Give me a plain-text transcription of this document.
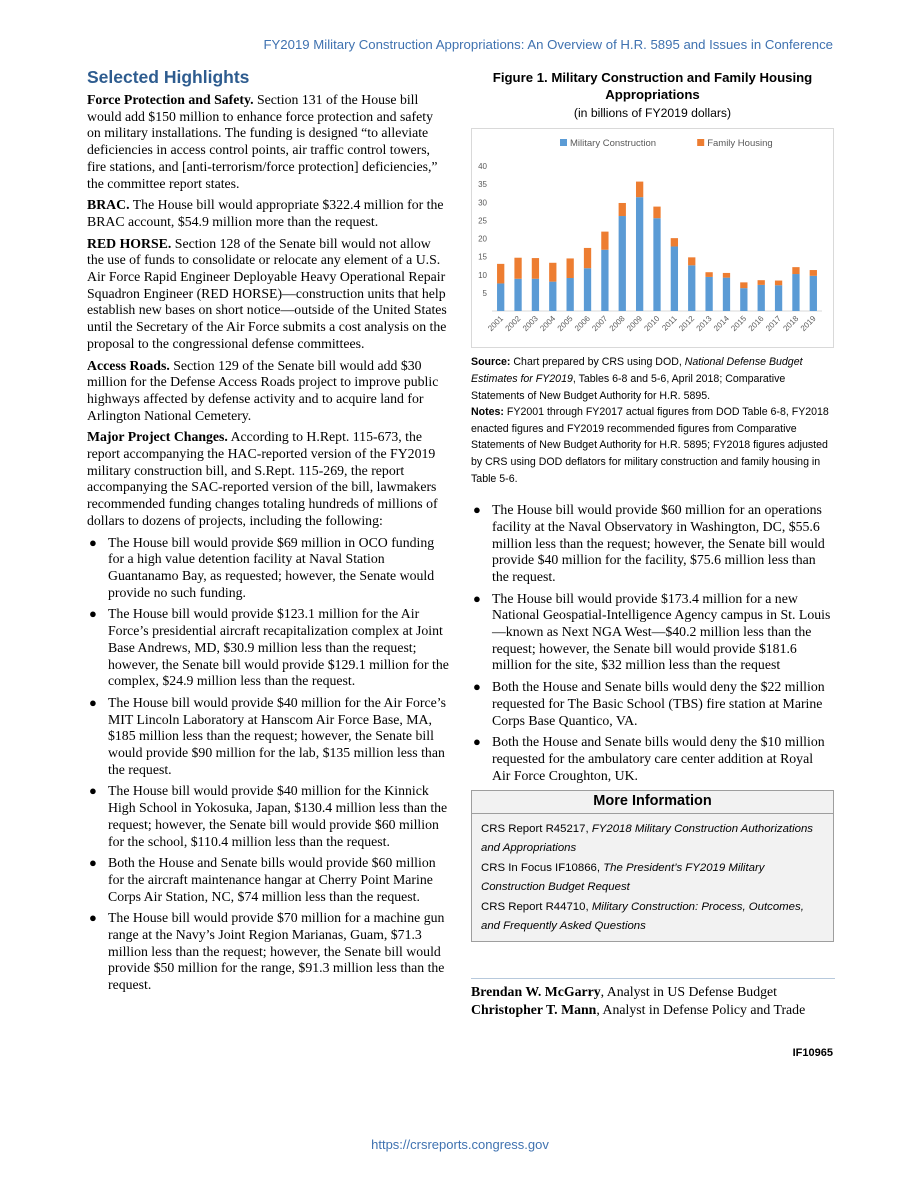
FY2019 Military Construction Appropriations: An Overview of H.R. 5895 and Issues in Conference
Selected Highlights

Force Protection and Safety. Section 131 of the House bill would add $150 million to enhance force protection and safety on military installations. The funding is designed “to alleviate deficiencies in access control points, air traffic control towers, fire stations, and [anti-terrorism/force protection] deficiencies,” the committee report states.

BRAC. The House bill would appropriate $322.4 million for the BRAC account, $54.9 million more than the request.

RED HORSE. Section 128 of the Senate bill would not allow the use of funds to consolidate or relocate any element of a U.S. Air Force Rapid Engineer Deployable Heavy Operational Repair Squadron Engineer (RED HORSE)—construction units that help establish new bases on short notice—outside of the United States until the Secretary of the Air Force submits a cost analysis on the proposal to the congressional defense committees.

Access Roads. Section 129 of the Senate bill would add $30 million for the Defense Access Roads project to improve public highways affected by defense activity and to acquire land for Arlington National Cemetery.

Major Project Changes. According to H.Rept. 115-673, the report accompanying the HAC-reported version of the FY2019 military construction bill, and S.Rept. 115-269, the report accompanying the SAC-reported version of the bill, lawmakers recommended funding changes totaling hundreds of millions of dollars to dozens of projects, including the following:

● The House bill would provide $69 million in OCO funding for a high value detention facility at Naval Station Guantanamo Bay, as requested; however, the Senate would provide no such funding.
● The House bill would provide $123.1 million for the Air Force’s presidential aircraft recapitalization complex at Joint Base Andrews, MD, $30.9 million less than the request; however, the Senate bill would provide $129.1 million for the complex, $24.9 million less than the request.
● The House bill would provide $40 million for the Air Force’s MIT Lincoln Laboratory at Hanscom Air Force Base, MA, $185 million less than the request; however, the Senate bill would provide $90 million for the lab, $135 million less than the request.
● The House bill would provide $40 million for the Kinnick High School in Yokosuka, Japan, $130.4 million less than the request; however, the Senate bill would provide $60 million for the school, $110.4 million less than the request.
● Both the House and Senate bills would provide $60 million for the aircraft maintenance hangar at Cherry Point Marine Corps Air Station, NC, $74 million less than the request.
● The House bill would provide $70 million for a machine gun range at the Navy’s Joint Region Marianas, Guam, $71.3 million less than the request; however, the Senate bill would provide $50 million for the range, $91.3 million less than the request.
Figure 1. Military Construction and Family Housing Appropriations
(in billions of FY2019 dollars)
Military Construction	Family Housing
5
10
15
20
25
30
35
40
2001
2002
2003
2004
2005
2006
2007
2008
2009
2010
2011
2012
2013
2014
2015
2016
2017
2018
2019
Source: Chart prepared by CRS using DOD, National Defense Budget Estimates for FY2019, Tables 6-8 and 5-6, April 2018; Comparative Statements of New Budget Authority for H.R. 5895.
Notes: FY2001 through FY2017 actual figures from DOD Table 6-8, FY2018 enacted figures and FY2019 recommended figures from Comparative Statements of New Budget Authority for H.R. 5895; FY2018 figures adjusted by CRS using DOD deflators for military construction and family housing in Table 5-6.
● The House bill would provide $60 million for an operations facility at the Naval Observatory in Washington, DC, $55.6 million less than the request; however, the Senate bill would provide $40 million for the facility, $75.6 million less than the request.
● The House bill would provide $173.4 million for a new National Geospatial-Intelligence Agency campus in St. Louis—known as Next NGA West—$40.2 million less than the request; however, the Senate bill would provide $181.6 million for the site, $32 million less than the request
● Both the House and Senate bills would deny the $22 million requested for The Basic School (TBS) fire station at Marine Corps Base Quantico, VA.
● Both the House and Senate bills would deny the $10 million requested for the ambulatory care center addition at Royal Air Force Croughton, UK.
More Information
CRS Report R45217, FY2018 Military Construction Authorizations and Appropriations
CRS In Focus IF10866, The President’s FY2019 Military Construction Budget Request
CRS Report R44710, Military Construction: Process, Outcomes, and Frequently Asked Questions
Brendan W. McGarry, Analyst in US Defense Budget
Christopher T. Mann, Analyst in Defense Policy and Trade
IF10965
https://crsreports.congress.gov
